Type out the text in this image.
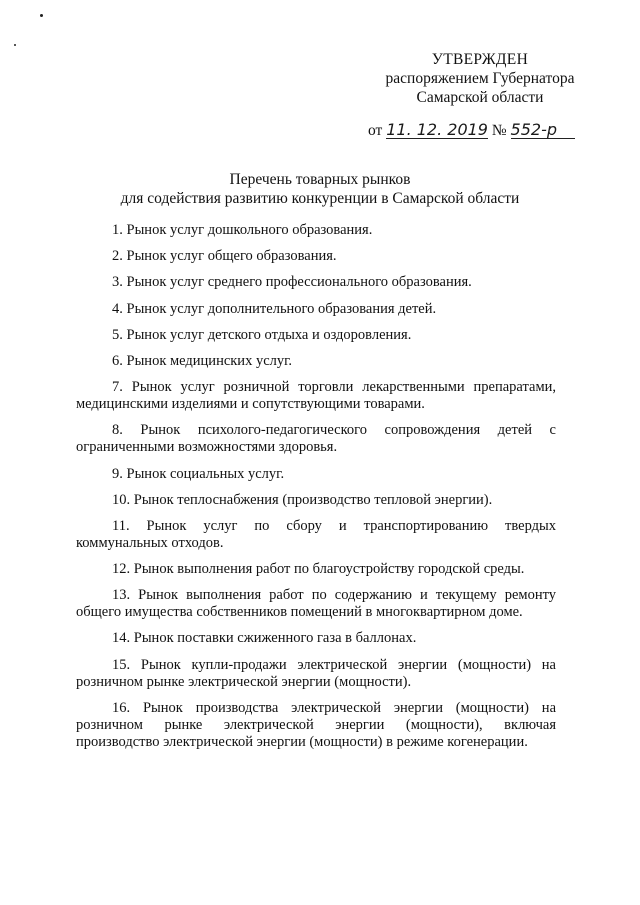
УТВЕРЖДЕН
распоряжением Губернатора
Самарской области
от 11. 12. 2019 № 552-р
Перечень товарных рынков
для содействия развитию конкуренции в Самарской области
1. Рынок услуг дошкольного образования.
2. Рынок услуг общего образования.
3. Рынок услуг среднего профессионального образования.
4. Рынок услуг дополнительного образования детей.
5. Рынок услуг детского отдыха и оздоровления.
6. Рынок медицинских услуг.
7. Рынок услуг розничной торговли лекарственными препаратами,
медицинскими изделиями и сопутствующими товарами.
8. Рынок психолого-педагогического сопровождения детей с
ограниченными возможностями здоровья.
9. Рынок социальных услуг.
10. Рынок теплоснабжения (производство тепловой энергии).
11. Рынок услуг по сбору и транспортированию твердых
коммунальных отходов.
12. Рынок выполнения работ по благоустройству городской среды.
13. Рынок выполнения работ по содержанию и текущему ремонту
общего имущества собственников помещений в многоквартирном доме.
14. Рынок поставки сжиженного газа в баллонах.
15. Рынок купли-продажи электрической энергии (мощности) на
розничном рынке электрической энергии (мощности).
16. Рынок производства электрической энергии (мощности) на
розничном рынке электрической энергии (мощности), включая
производство электрической энергии (мощности) в режиме когенерации.
